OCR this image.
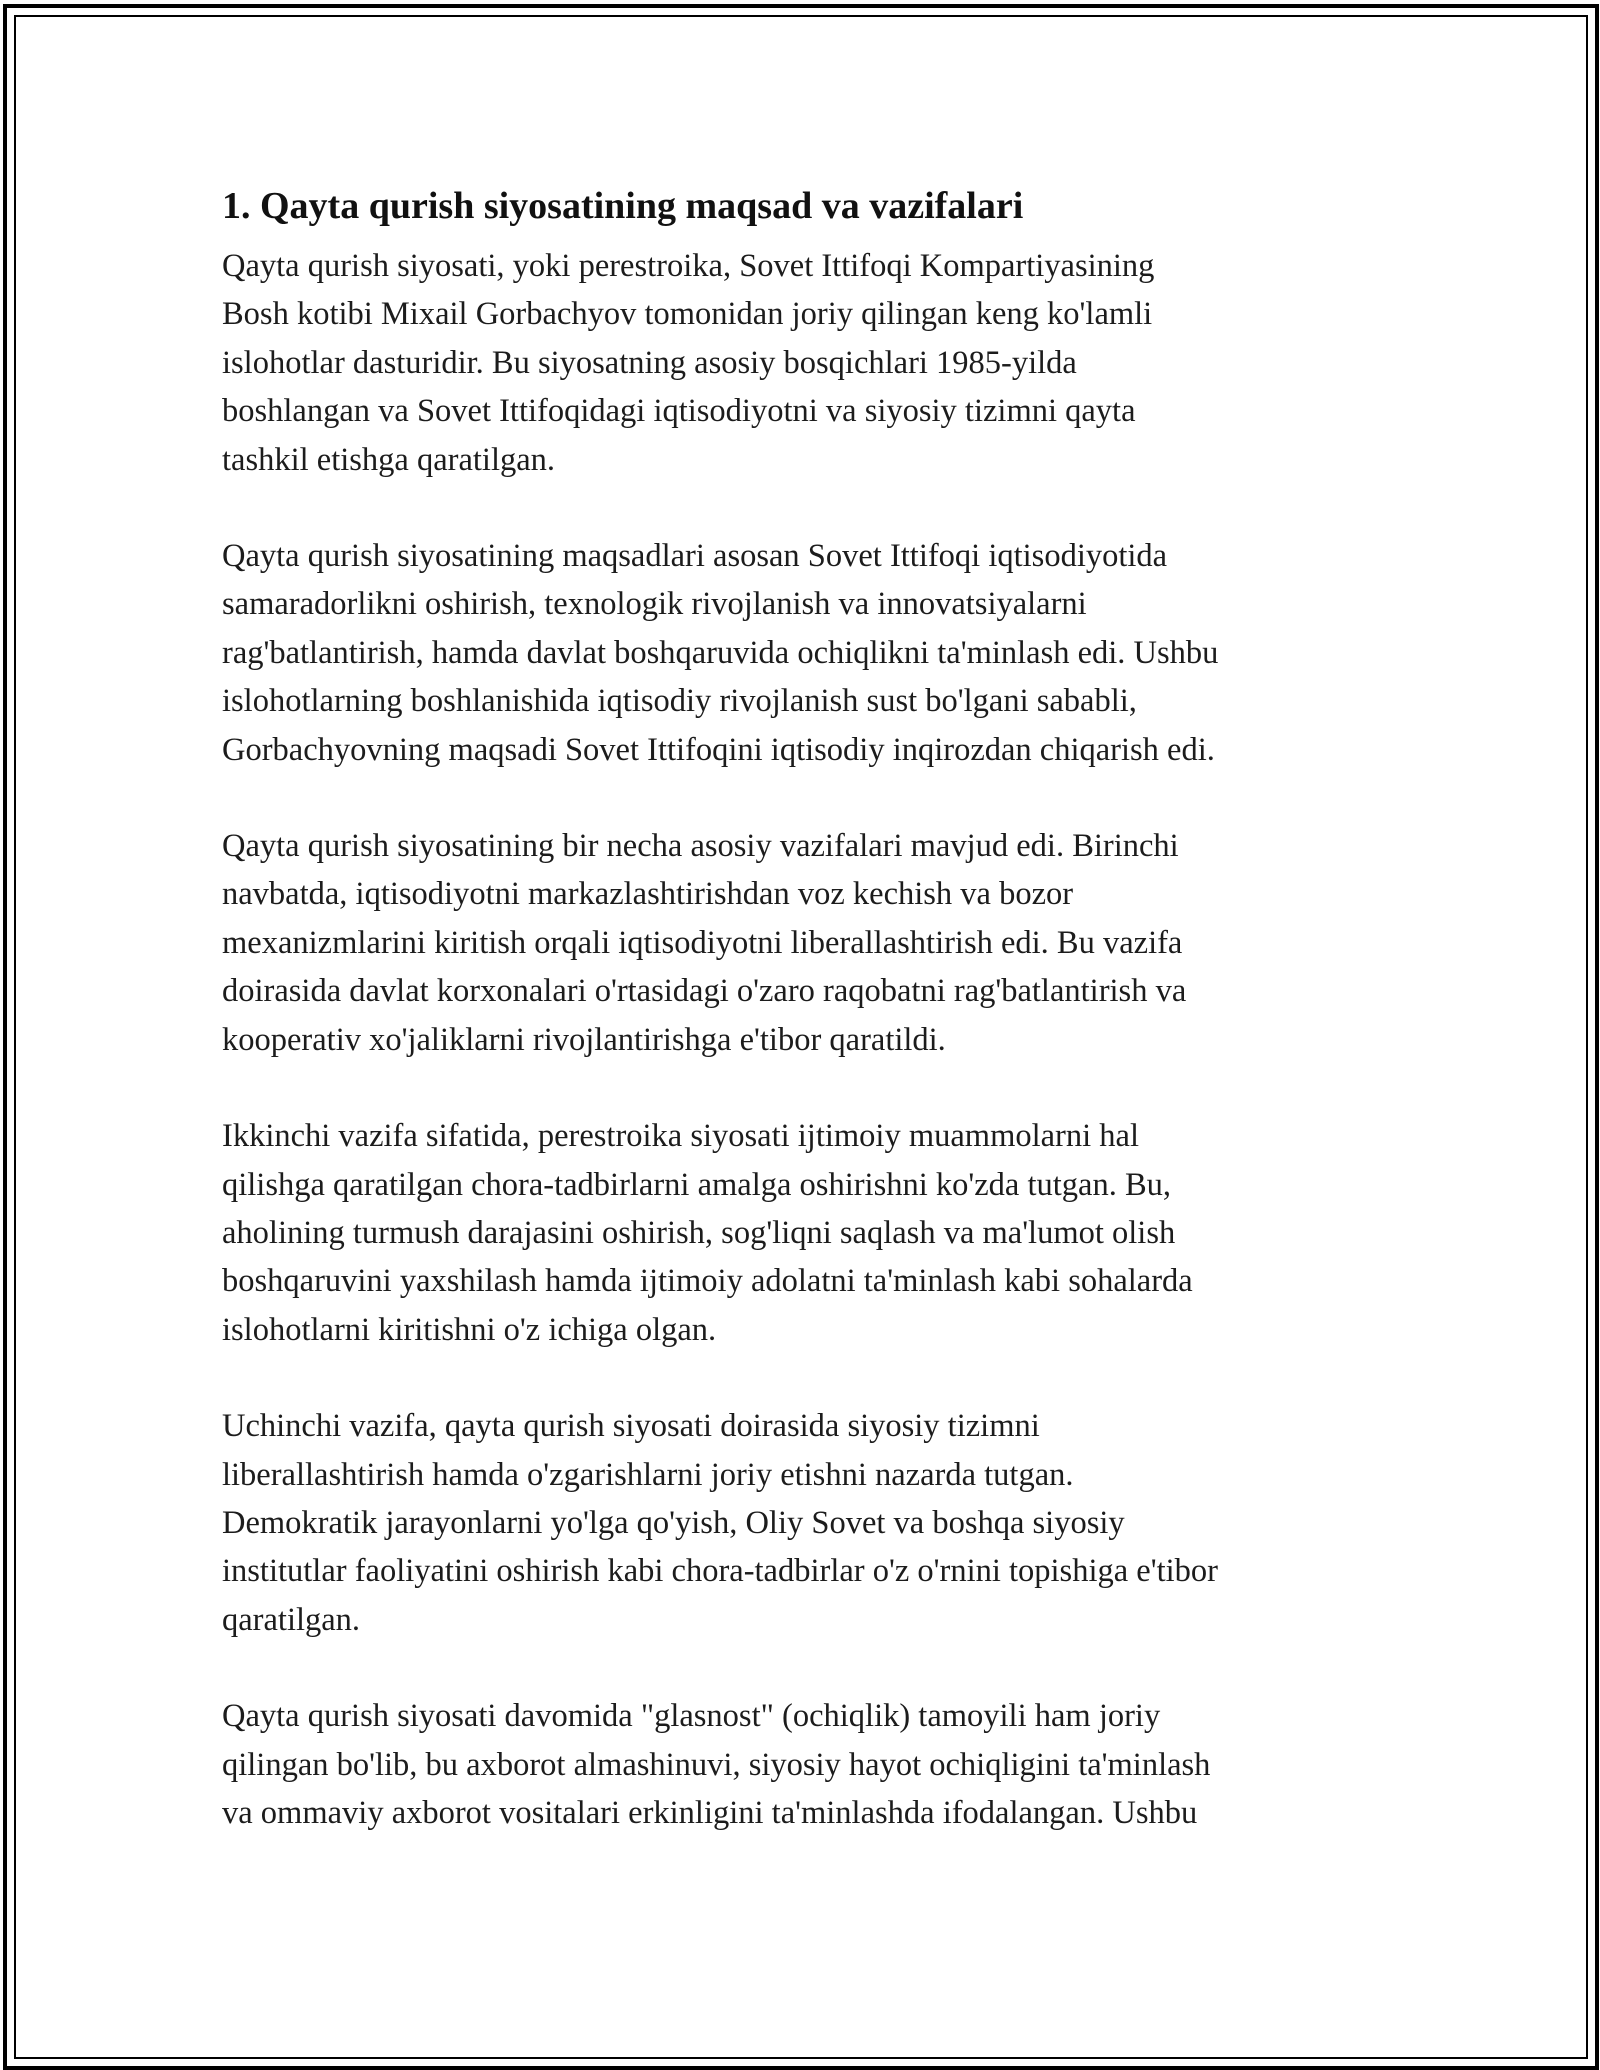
1. Qayta qurish siyosatining maqsad va vazifalari

Qayta qurish siyosati, yoki perestroika, Sovet Ittifoqi Kompartiyasining
Bosh kotibi Mixail Gorbachyov tomonidan joriy qilingan keng ko'lamli
islohotlar dasturidir. Bu siyosatning asosiy bosqichlari 1985-yilda
boshlangan va Sovet Ittifoqidagi iqtisodiyotni va siyosiy tizimni qayta
tashkil etishga qaratilgan.

Qayta qurish siyosatining maqsadlari asosan Sovet Ittifoqi iqtisodiyotida
samaradorlikni oshirish, texnologik rivojlanish va innovatsiyalarni
rag'batlantirish, hamda davlat boshqaruvida ochiqlikni ta'minlash edi. Ushbu
islohotlarning boshlanishida iqtisodiy rivojlanish sust bo'lgani sababli,
Gorbachyovning maqsadi Sovet Ittifoqini iqtisodiy inqirozdan chiqarish edi.

Qayta qurish siyosatining bir necha asosiy vazifalari mavjud edi. Birinchi
navbatda, iqtisodiyotni markazlashtirishdan voz kechish va bozor
mexanizmlarini kiritish orqali iqtisodiyotni liberallashtirish edi. Bu vazifa
doirasida davlat korxonalari o'rtasidagi o'zaro raqobatni rag'batlantirish va
kooperativ xo'jaliklarni rivojlantirishga e'tibor qaratildi.

Ikkinchi vazifa sifatida, perestroika siyosati ijtimoiy muammolarni hal
qilishga qaratilgan chora-tadbirlarni amalga oshirishni ko'zda tutgan. Bu,
aholining turmush darajasini oshirish, sog'liqni saqlash va ma'lumot olish
boshqaruvini yaxshilash hamda ijtimoiy adolatni ta'minlash kabi sohalarda
islohotlarni kiritishni o'z ichiga olgan.

Uchinchi vazifa, qayta qurish siyosati doirasida siyosiy tizimni
liberallashtirish hamda o'zgarishlarni joriy etishni nazarda tutgan.
Demokratik jarayonlarni yo'lga qo'yish, Oliy Sovet va boshqa siyosiy
institutlar faoliyatini oshirish kabi chora-tadbirlar o'z o'rnini topishiga e'tibor
qaratilgan.

Qayta qurish siyosati davomida "glasnost" (ochiqlik) tamoyili ham joriy
qilingan bo'lib, bu axborot almashinuvi, siyosiy hayot ochiqligini ta'minlash
va ommaviy axborot vositalari erkinligini ta'minlashda ifodalangan. Ushbu
